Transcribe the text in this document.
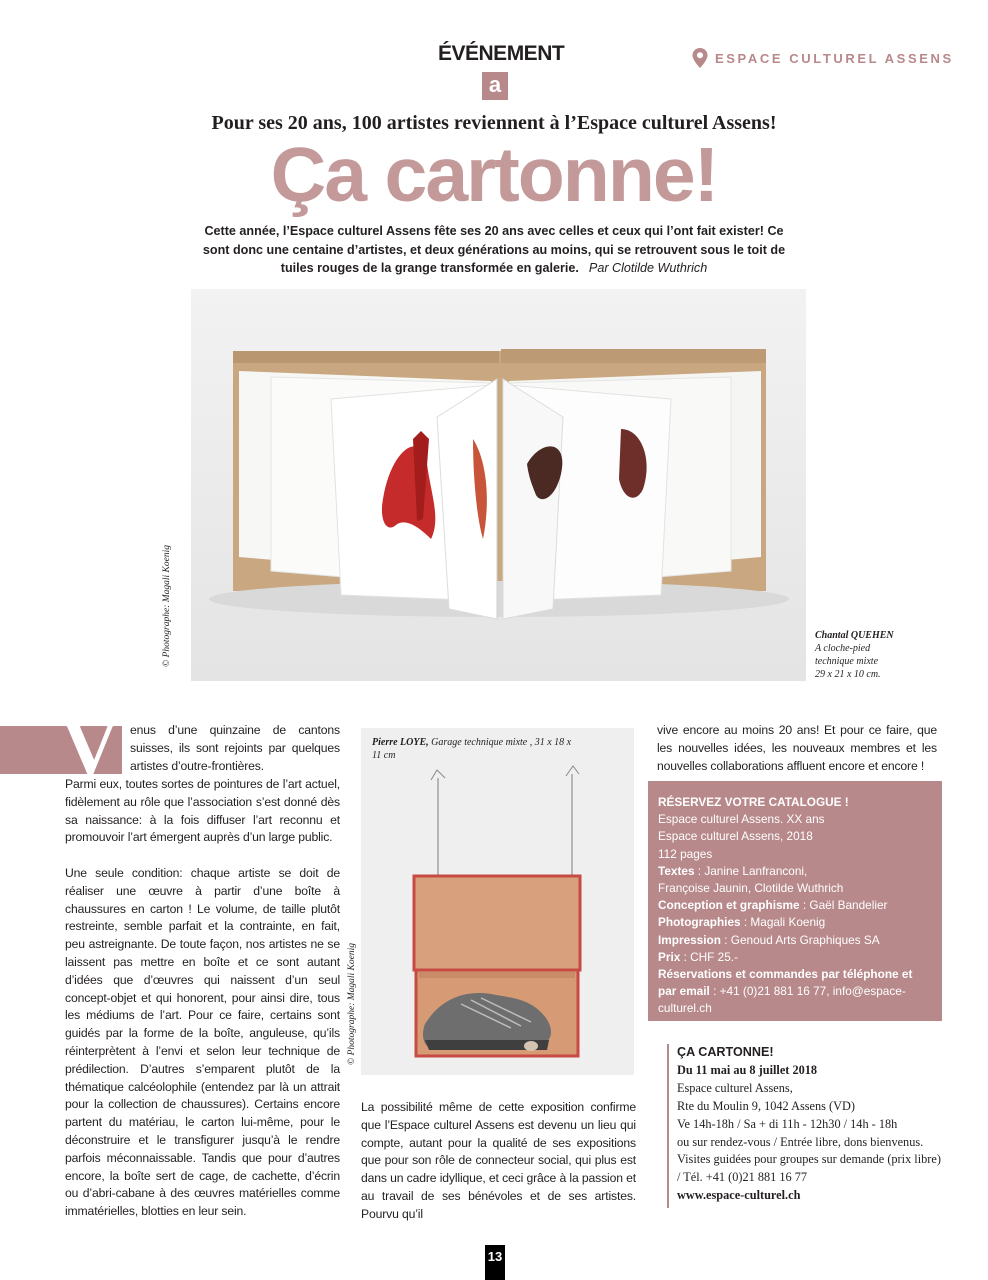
ÉVÉNEMENT
a
ESPACE CULTUREL ASSENS
Pour ses 20 ans, 100 artistes reviennent à l’Espace culturel Assens!
Ça cartonne!
Cette année, l’Espace culturel Assens fête ses 20 ans avec celles et ceux qui l’ont fait exister! Ce sont donc une centaine d’artistes, et deux générations au moins, qui se retrouvent sous le toit de tuiles rouges de la grange transformée en galerie. Par Clotilde Wuthrich
© Photographe: Magali Koenig	Chantal QUEHEN
A cloche-pied
technique mixte
29 x 21 x 10 cm.
V enus d’une quinzaine de cantons suisses, ils sont rejoints par quelques artistes d’outre-frontières.

Parmi eux, toutes sortes de pointures de l’art actuel, fidèlement au rôle que l’association s’est donné dès sa naissance: à la fois diffuser l’art reconnu et promouvoir l’art émergent auprès d’un large public.

Une seule condition: chaque artiste se doit de réaliser une œuvre à partir d’une boîte à chaussures en carton ! Le volume, de taille plutôt restreinte, semble parfait et la contrainte, en fait, peu astreignante. De toute façon, nos artistes ne se laissent pas mettre en boîte et ce sont autant d’idées que d’œuvres qui naissent d’un seul concept-objet et qui honorent, pour ainsi dire, tous les médiums de l’art. Pour ce faire, certains sont guidés par la forme de la boîte, anguleuse, qu’ils réinterprètent à l’envi et selon leur technique de prédilection. D’autres s’emparent plutôt de la thématique calcéolophile (entendez par là un attrait pour la collection de chaussures). Certains encore partent du matériau, le carton lui-même, pour le déconstruire et le transfigurer jusqu’à le rendre parfois méconnaissable. Tandis que pour d’autres encore, la boîte sert de cage, de cachette, d’écrin ou d’abri-cabane à des œuvres matérielles comme immatérielles, blotties en leur sein.

Pierre LOYE, Garage technique mixte , 31 x 18 x 11 cm
© Photographe: Magali Koenig
La possibilité même de cette exposition confirme que l’Espace culturel Assens est devenu un lieu qui compte, autant pour la qualité de ses expositions que pour son rôle de connecteur social, qui plus est dans un cadre idyllique, et ceci grâce à la passion et au travail de ses bénévoles et de ses artistes. Pourvu qu’il
vive encore au moins 20 ans! Et pour ce faire, que les nouvelles idées, les nouveaux membres et les nouvelles collaborations affluent encore et encore !
RÉSERVEZ VOTRE CATALOGUE !
Espace culturel Assens. XX ans
Espace culturel Assens, 2018
112 pages
Textes : Janine Lanfranconi,
Françoise Jaunin, Clotilde Wuthrich
Conception et graphisme : Gaël Bandelier
Photographies : Magali Koenig
Impression : Genoud Arts Graphiques SA
Prix : CHF 25.-
Réservations et commandes par téléphone et par email : +41 (0)21 881 16 77, info@espace-culturel.ch
ÇA CARTONNE!
Du 11 mai au 8 juillet 2018
Espace culturel Assens,
Rte du Moulin 9, 1042 Assens (VD)
Ve 14h-18h / Sa + di 11h - 12h30 / 14h - 18h
ou sur rendez-vous / Entrée libre, dons bienvenus. Visites guidées pour groupes sur demande (prix libre) / Tél. +41 (0)21 881 16 77
www.espace-culturel.ch
13
